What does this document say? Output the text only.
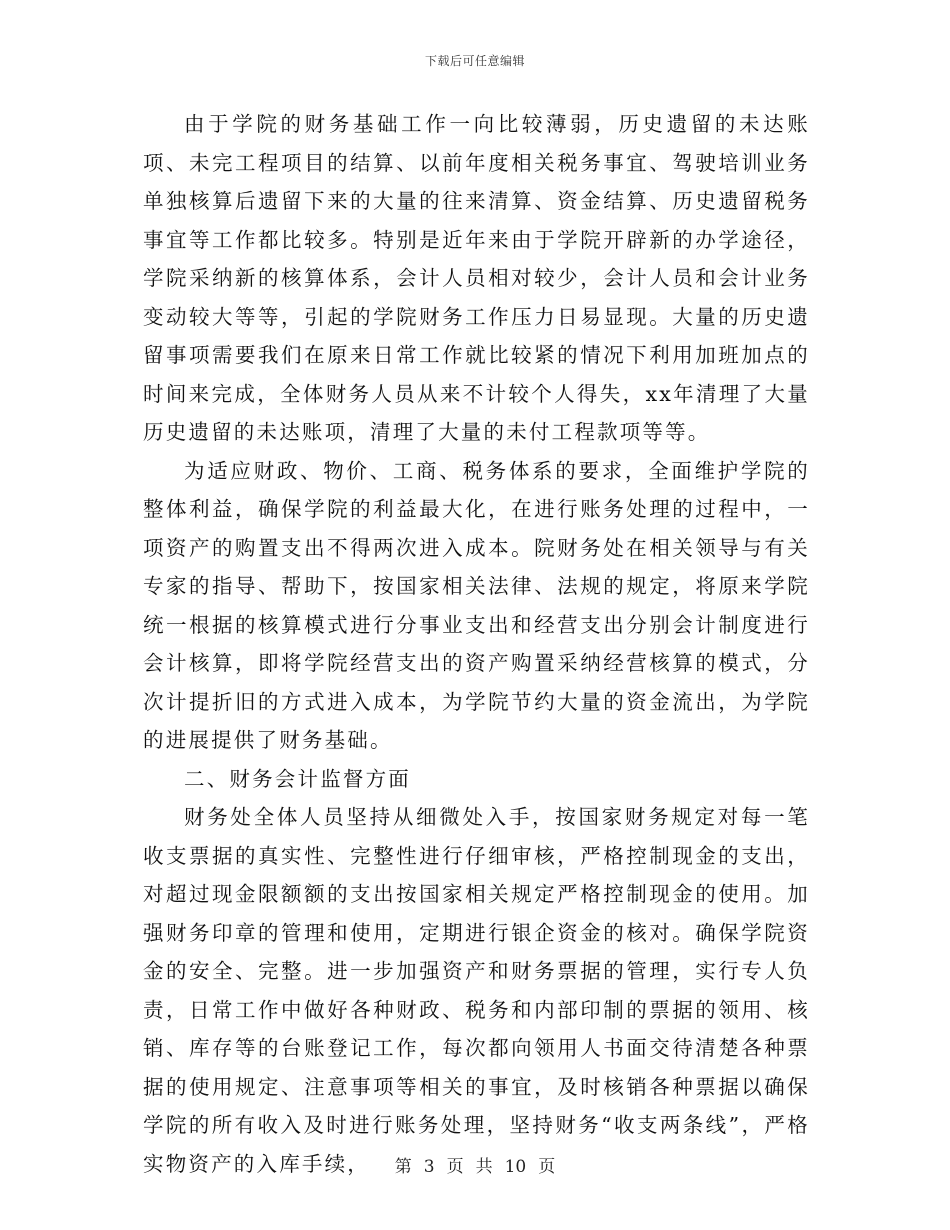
下载后可任意编辑

由于学院的财务基础工作一向比较薄弱，历史遗留的未达账项、未完工程项目的结算、以前年度相关税务事宜、驾驶培训业务单独核算后遗留下来的大量的往来清算、资金结算、历史遗留税务事宜等工作都比较多。特别是近年来由于学院开辟新的办学途径，学院采纳新的核算体系，会计人员相对较少，会计人员和会计业务变动较大等等，引起的学院财务工作压力日易显现。大量的历史遗留事项需要我们在原来日常工作就比较紧的情况下利用加班加点的时间来完成，全体财务人员从来不计较个人得失，xx年清理了大量历史遗留的未达账项，清理了大量的未付工程款项等等。

为适应财政、物价、工商、税务体系的要求，全面维护学院的整体利益，确保学院的利益最大化，在进行账务处理的过程中，一项资产的购置支出不得两次进入成本。院财务处在相关领导与有关专家的指导、帮助下，按国家相关法律、法规的规定，将原来学院统一根据的核算模式进行分事业支出和经营支出分别会计制度进行会计核算，即将学院经营支出的资产购置采纳经营核算的模式，分次计提折旧的方式进入成本，为学院节约大量的资金流出，为学院的进展提供了财务基础。

二、财务会计监督方面

财务处全体人员坚持从细微处入手，按国家财务规定对每一笔收支票据的真实性、完整性进行仔细审核，严格控制现金的支出，对超过现金限额额的支出按国家相关规定严格控制现金的使用。加强财务印章的管理和使用，定期进行银企资金的核对。确保学院资金的安全、完整。进一步加强资产和财务票据的管理，实行专人负责，日常工作中做好各种财政、税务和内部印制的票据的领用、核销、库存等的台账登记工作，每次都向领用人书面交待清楚各种票据的使用规定、注意事项等相关的事宜，及时核销各种票据以确保学院的所有收入及时进行账务处理，坚持财务“收支两条线”，严格实物资产的入库手续，	第 3 页 共 10 页
